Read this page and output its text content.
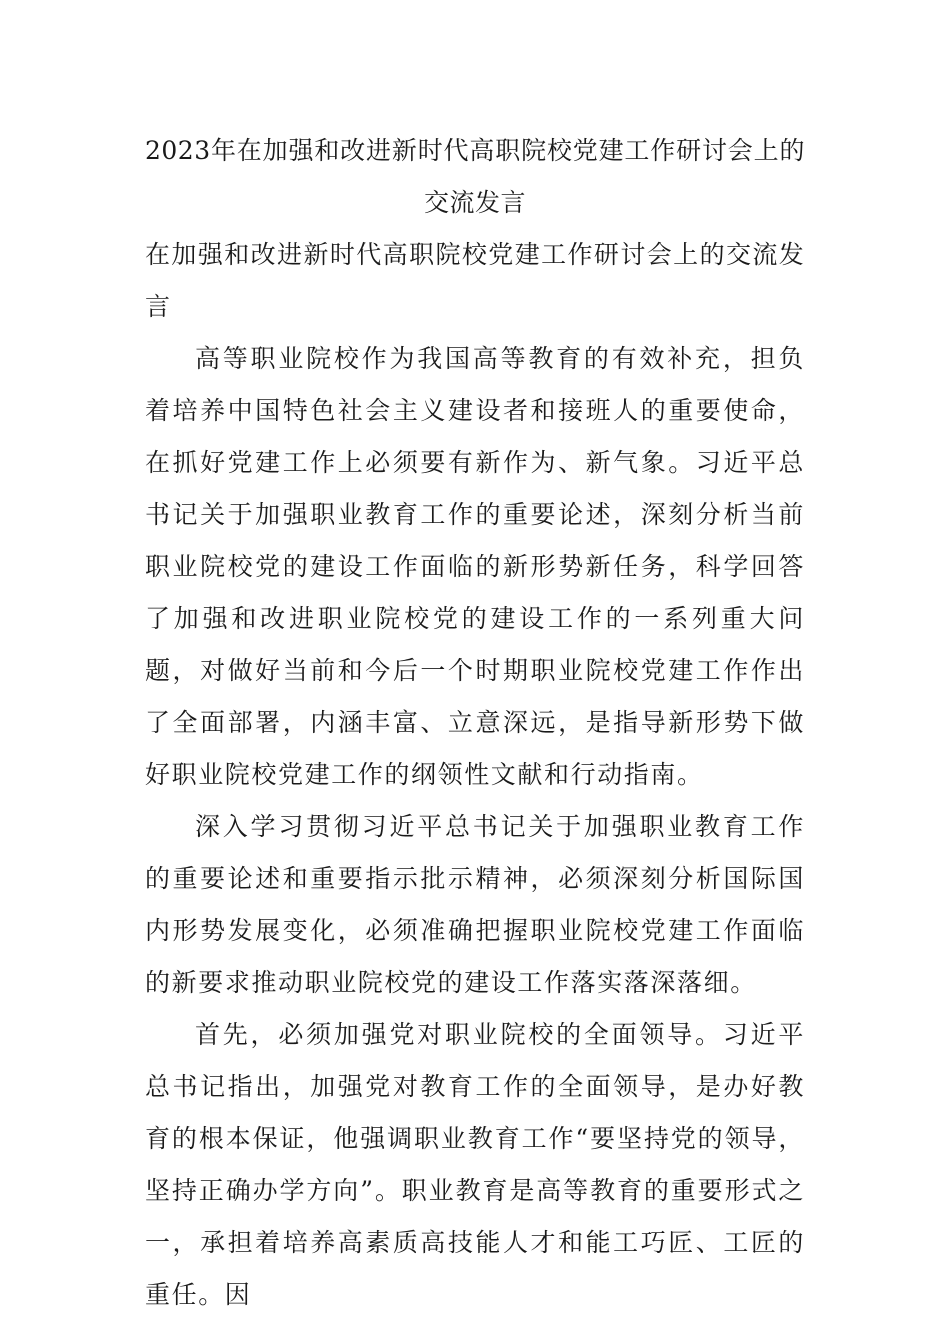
2023年在加强和改进新时代高职院校党建工作研讨会上的交流发言

在加强和改进新时代高职院校党建工作研讨会上的交流发言

高等职业院校作为我国高等教育的有效补充，担负着培养中国特色社会主义建设者和接班人的重要使命，在抓好党建工作上必须要有新作为、新气象。习近平总书记关于加强职业教育工作的重要论述，深刻分析当前职业院校党的建设工作面临的新形势新任务，科学回答了加强和改进职业院校党的建设工作的一系列重大问题，对做好当前和今后一个时期职业院校党建工作作出了全面部署，内涵丰富、立意深远，是指导新形势下做好职业院校党建工作的纲领性文献和行动指南。

深入学习贯彻习近平总书记关于加强职业教育工作的重要论述和重要指示批示精神，必须深刻分析国际国内形势发展变化，必须准确把握职业院校党建工作面临的新要求推动职业院校党的建设工作落实落深落细。

首先，必须加强党对职业院校的全面领导。习近平总书记指出，加强党对教育工作的全面领导，是办好教育的根本保证，他强调职业教育工作“要坚持党的领导，坚持正确办学方向”。职业教育是高等教育的重要形式之一，承担着培养高素质高技能人才和能工巧匠、工匠的重任。因
